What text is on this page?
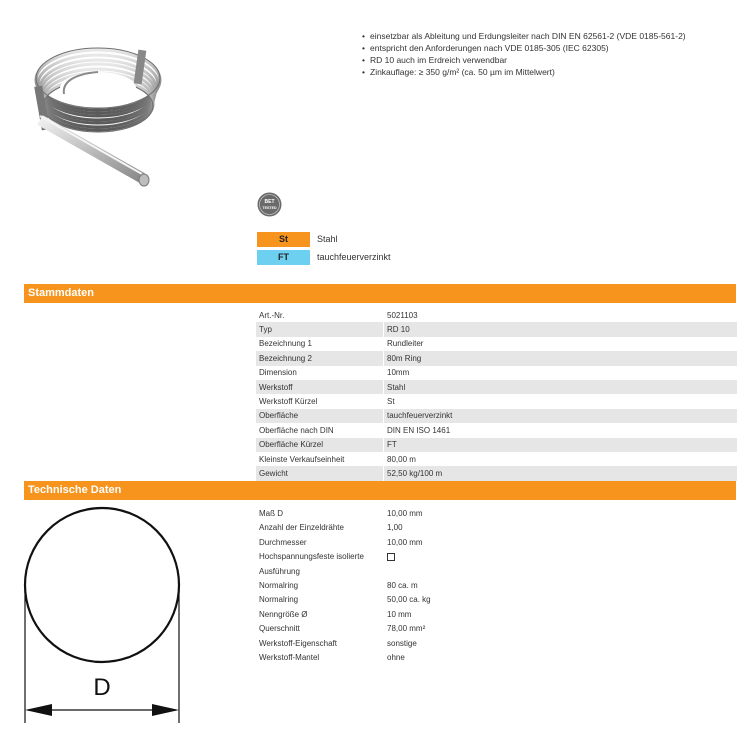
• einsetzbar als Ableitung und Erdungsleiter nach DIN EN 62561-2 (VDE 0185-561-2)
• entspricht den Anforderungen nach VDE 0185-305 (IEC 62305)
• RD 10 auch im Erdreich verwendbar
• Zinkauflage: ≥ 350 g/m² (ca. 50 µm im Mittelwert)
BET
TESTED
St	Stahl
FT	tauchfeuerverzinkt
Stammdaten
Art.-Nr.	5021103
Typ	RD 10
Bezeichnung 1	Rundleiter
Bezeichnung 2	80m Ring
Dimension	10mm
Werkstoff	Stahl
Werkstoff Kürzel	St
Oberfläche	tauchfeuerverzinkt
Oberfläche nach DIN	DIN EN ISO 1461
Oberfläche Kürzel	FT
Kleinste Verkaufseinheit	80,00 m
Gewicht	52,50 kg/100 m
Technische Daten
Maß D	10,00 mm
Anzahl der Einzeldrähte	1,00
Durchmesser	10,00 mm
Hochspannungsfeste isolierte Ausführung	
Normalring	80 ca. m
Normalring	50,00 ca. kg
Nenngröße Ø	10 mm
Querschnitt	78,00 mm²
Werkstoff-Eigenschaft	sonstige
Werkstoff-Mantel	ohne
D
